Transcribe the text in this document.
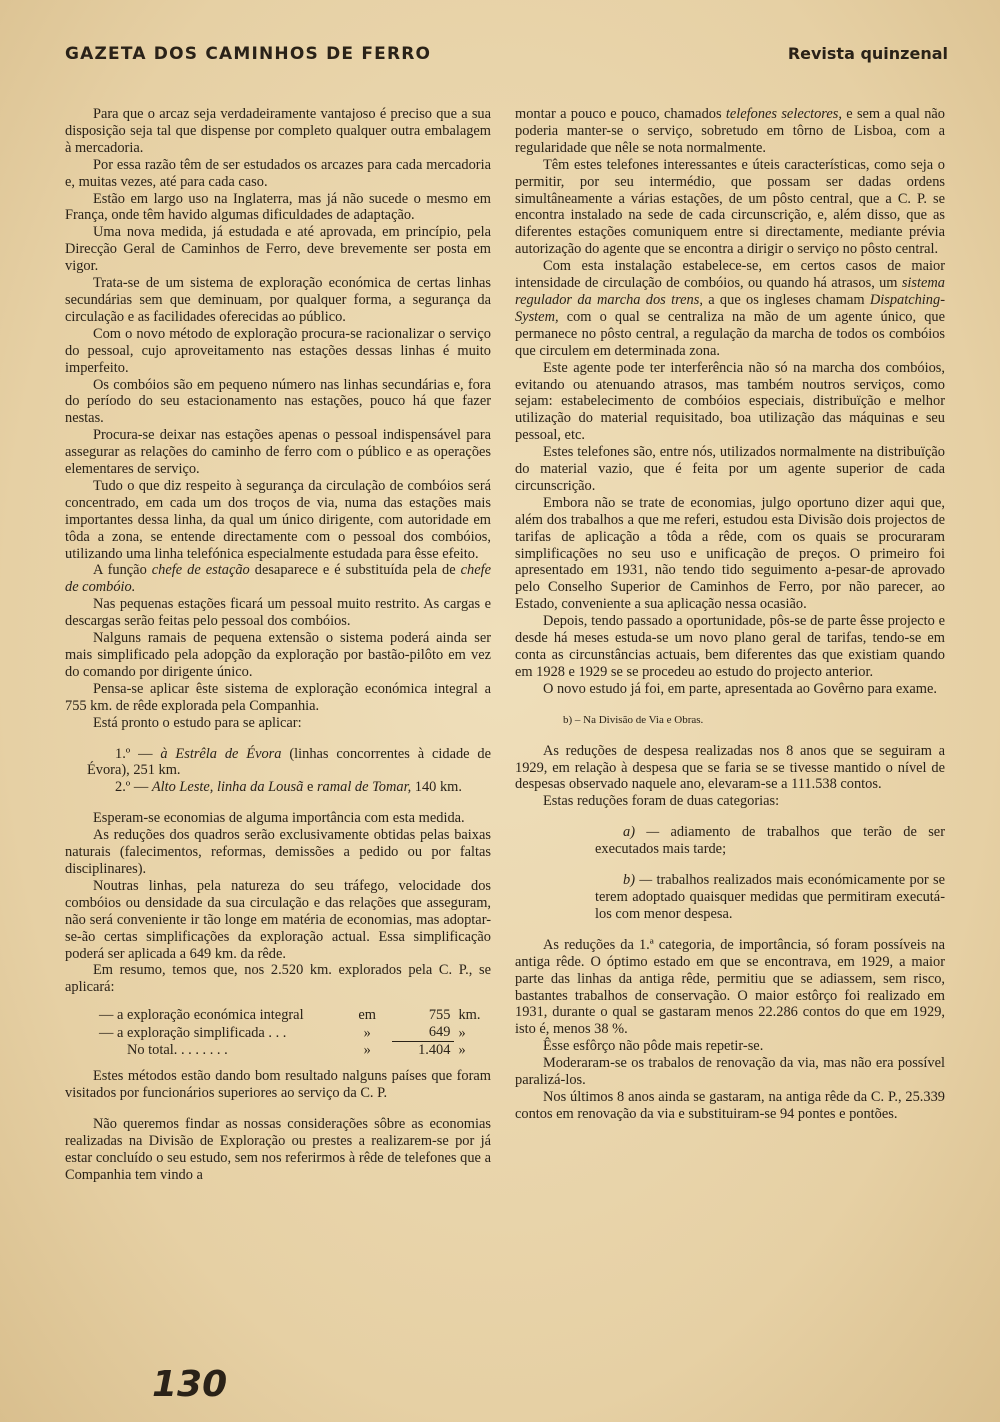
GAZETA DOS CAMINHOS DE FERRO	Revista quinzenal

Para que o arcaz seja verdadeiramente vantajoso é preciso que a sua disposição seja tal que dispense por completo qualquer outra embalagem à mercadoria.

Por essa razão têm de ser estudados os arcazes para cada mercadoria e, muitas vezes, até para cada caso.

Estão em largo uso na Inglaterra, mas já não sucede o mesmo em França, onde têm havido algumas dificuldades de adaptação.

Uma nova medida, já estudada e até aprovada, em princípio, pela Direcção Geral de Caminhos de Ferro, deve brevemente ser posta em vigor.

Trata-se de um sistema de exploração económica de certas linhas secundárias sem que deminuam, por qualquer forma, a segurança da circulação e as facilidades oferecidas ao público.

Com o novo método de exploração procura-se racionalizar o serviço do pessoal, cujo aproveitamento nas estações dessas linhas é muito imperfeito.

Os combóios são em pequeno número nas linhas secundárias e, fora do período do seu estacionamento nas estações, pouco há que fazer nestas.

Procura-se deixar nas estações apenas o pessoal indispensável para assegurar as relações do caminho de ferro com o público e as operações elementares de serviço.

Tudo o que diz respeito à segurança da circulação de combóios será concentrado, em cada um dos troços de via, numa das estações mais importantes dessa linha, da qual um único dirigente, com autoridade em tôda a zona, se entende directamente com o pessoal dos combóios, utilizando uma linha telefónica especialmente estudada para êsse efeito.

A função chefe de estação desaparece e é substituída pela de chefe de combóio.

Nas pequenas estações ficará um pessoal muito restrito. As cargas e descargas serão feitas pelo pessoal dos combóios.

Nalguns ramais de pequena extensão o sistema poderá ainda ser mais simplificado pela adopção da exploração por bastão-pilôto em vez do comando por dirigente único.

Pensa-se aplicar êste sistema de exploração económica integral a 755 km. de rêde explorada pela Companhia.

Está pronto o estudo para se aplicar:

1.º — à Estrêla de Évora (linhas concorrentes à cidade de Évora), 251 km.

2.º — Alto Leste, linha da Lousã e ramal de Tomar, 140 km.

Esperam-se economias de alguma importância com esta medida.

As reduções dos quadros serão exclusivamente obtidas pelas baixas naturais (falecimentos, reformas, demissões a pedido ou por faltas disciplinares).

Noutras linhas, pela natureza do seu tráfego, velocidade dos combóios ou densidade da sua circulação e das relações que asseguram, não será conveniente ir tão longe em matéria de economias, mas adoptar-se-ão certas simplificações da exploração actual. Essa simplificação poderá ser aplicada a 649 km. da rêde.

Em resumo, temos que, nos 2.520 km. explorados pela C. P., se aplicará:

— a exploração económica integral	em	755	km.
— a exploração simplificada . . .	»	649	»
No total. . . . . . . .	»	1.404	»

Estes métodos estão dando bom resultado nalguns países que foram visitados por funcionários superiores ao serviço da C. P.

Não queremos findar as nossas considerações sôbre as economias realizadas na Divisão de Exploração ou prestes a realizarem-se por já estar concluído o seu estudo, sem nos referirmos à rêde de telefones que a Companhia tem vindo a

montar a pouco e pouco, chamados telefones selectores, e sem a qual não poderia manter-se o serviço, sobretudo em tôrno de Lisboa, com a regularidade que nêle se nota normalmente.

Têm estes telefones interessantes e úteis características, como seja o permitir, por seu intermédio, que possam ser dadas ordens simultâneamente a várias estações, de um pôsto central, que a C. P. se encontra instalado na sede de cada circunscrição, e, além disso, que as diferentes estações comuniquem entre si directamente, mediante prévia autorização do agente que se encontra a dirigir o serviço no pôsto central.

Com esta instalação estabelece-se, em certos casos de maior intensidade de circulação de combóios, ou quando há atrasos, um sistema regulador da marcha dos trens, a que os ingleses chamam Dispatching-System, com o qual se centraliza na mão de um agente único, que permanece no pôsto central, a regulação da marcha de todos os combóios que circulem em determinada zona.

Este agente pode ter interferência não só na marcha dos combóios, evitando ou atenuando atrasos, mas também noutros serviços, como sejam: estabelecimento de combóios especiais, distribuïção e melhor utilização do material requisitado, boa utilização das máquinas e seu pessoal, etc.

Estes telefones são, entre nós, utilizados normalmente na distribuïção do material vazio, que é feita por um agente superior de cada circunscrição.

Embora não se trate de economias, julgo oportuno dizer aqui que, além dos trabalhos a que me referi, estudou esta Divisão dois projectos de tarifas de aplicação a tôda a rêde, com os quais se procuraram simplificações no seu uso e unificação de preços. O primeiro foi apresentado em 1931, não tendo tido seguimento a-pesar-de aprovado pelo Conselho Superior de Caminhos de Ferro, por não parecer, ao Estado, conveniente a sua aplicação nessa ocasião.

Depois, tendo passado a oportunidade, pôs-se de parte êsse projecto e desde há meses estuda-se um novo plano geral de tarifas, tendo-se em conta as circunstâncias actuais, bem diferentes das que existiam quando em 1928 e 1929 se se procedeu ao estudo do projecto anterior.

O novo estudo já foi, em parte, apresentada ao Govêrno para exame.

b) – Na Divisão de Via e Obras.

As reduções de despesa realizadas nos 8 anos que se seguiram a 1929, em relação à despesa que se faria se se tivesse mantido o nível de despesas observado naquele ano, elevaram-se a 111.538 contos.

Estas reduções foram de duas categorias:

a) — adiamento de trabalhos que terão de ser executados mais tarde;

b) — trabalhos realizados mais económicamente por se terem adoptado quaisquer medidas que permitiram executá-los com menor despesa.

As reduções da 1.ª categoria, de importância, só foram possíveis na antiga rêde. O óptimo estado em que se encontrava, em 1929, a maior parte das linhas da antiga rêde, permitiu que se adiassem, sem risco, bastantes trabalhos de conservação. O maior estôrço foi realizado em 1931, durante o qual se gastaram menos 22.286 contos do que em 1929, isto é, menos 38 %.

Êsse esfôrço não pôde mais repetir-se.

Moderaram-se os trabalos de renovação da via, mas não era possível paralizá-los.

Nos últimos 8 anos ainda se gastaram, na antiga rêde da C. P., 25.339 contos em renovação da via e substituiram-se 94 pontes e pontões.

130
